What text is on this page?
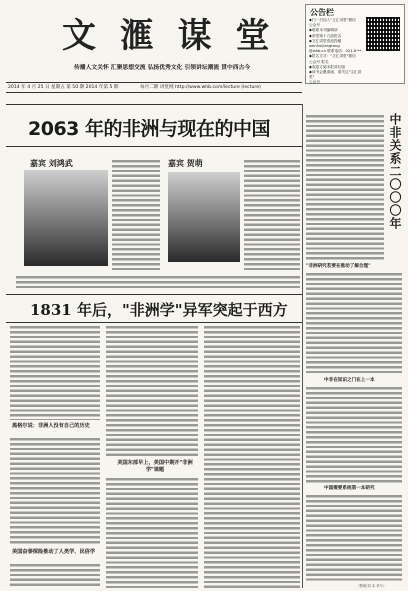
文 滙 谋 堂
传播人文关怀 汇聚思想交流 弘扬优秀文化 引领讲坛潮流 贯中西古今
公告栏
◆扫一扫加入"文汇讲堂"微信
公众号
◆联系本刊编辑部
◆讲堂第十九届报名
◆文汇讲堂欢迎投稿wenhuijiangtang
@whb.cn 联系电话：021-6·**
◆报名方式："文汇讲堂"微信
公众号 报名
◆欢迎订阅本报讲坛版
◆读书会邀请函，请关注"文汇讲堂"
公众号
2014 年 4 月 25 日 星期五 第 50 期 2014 年第 5 期	每月二期 讲堂网 http://www.whb.com/lecture (lecture)
2063 年的非洲与现在的中国
嘉宾 刘鸿武	嘉宾 贺萌
1831 年后，"非洲学"异军突起于西方
黑格尔说：非洲人没有自己的历史
美国奋泰探险推动了人类学、民俗学
美国东部早上，美国中期开"非洲学"课题
中非关系二〇〇〇年
"非洲研究若要在推动了解合理"
中非在知识之门在上一本
中国需要系统第一本研究
（整理/刘 本 采写）
